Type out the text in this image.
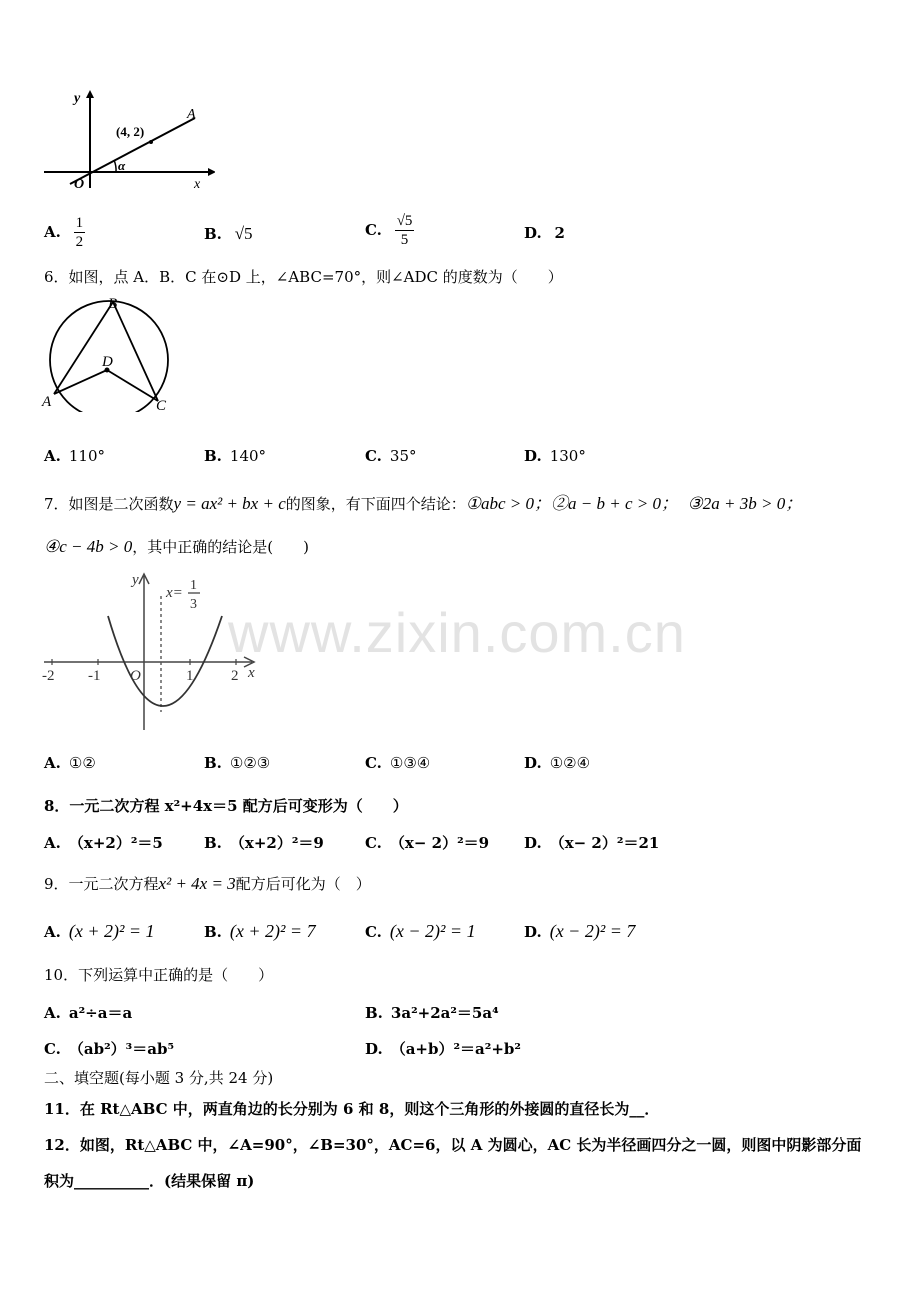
www.zixin.com.cn
y
x
O
(4, 2)
A
α
A. $\frac{1}{2}$	B. √5	C. $\frac{√5}{5}$	D. 2
6．如图，点 A．B．C 在⊙D 上，∠ABC=70°，则∠ADC 的度数为（　　）
B
D
A	C
A. 110°	B. 140°	C. 35°	D. 130°
7．如图是二次函数y = ax² + bx + c的图象，有下面四个结论：①abc > 0；②a − b + c > 0； ③2a + 3b > 0；
④c − 4b > 0，其中正确的结论是(　　)
-2 -1 O	1	2 x
y
x= 1
3
A. ①②	B. ①②③	C. ①③④	D. ①②④
8．一元二次方程 x²+4x＝5 配方后可变形为（　　）
A. （x+2）²＝5	B. （x+2）²＝9	C. （x− 2）²＝9 D. （x− 2）²＝21
9．一元二次方程x² + 4x = 3配方后可化为（　）
A. (x + 2)² = 1	B. (x + 2)² = 7	C. (x − 2)² = 1	D. (x − 2)² = 7
10．下列运算中正确的是（　　）
A. a²÷a＝a	B. 3a²+2a²＝5a⁴
C. （ab²）³＝ab⁵	D. （a+b）²＝a²+b²
二、填空题(每小题 3 分,共 24 分)
11．在 Rt△ABC 中，两直角边的长分别为 6 和 8，则这个三角形的外接圆的直径长为__．
12．如图，Rt△ABC 中，∠A=90°，∠B=30°，AC=6，以 A 为圆心，AC 长为半径画四分之一圆，则图中阴影部分面
积为__________．(结果保留 π)
